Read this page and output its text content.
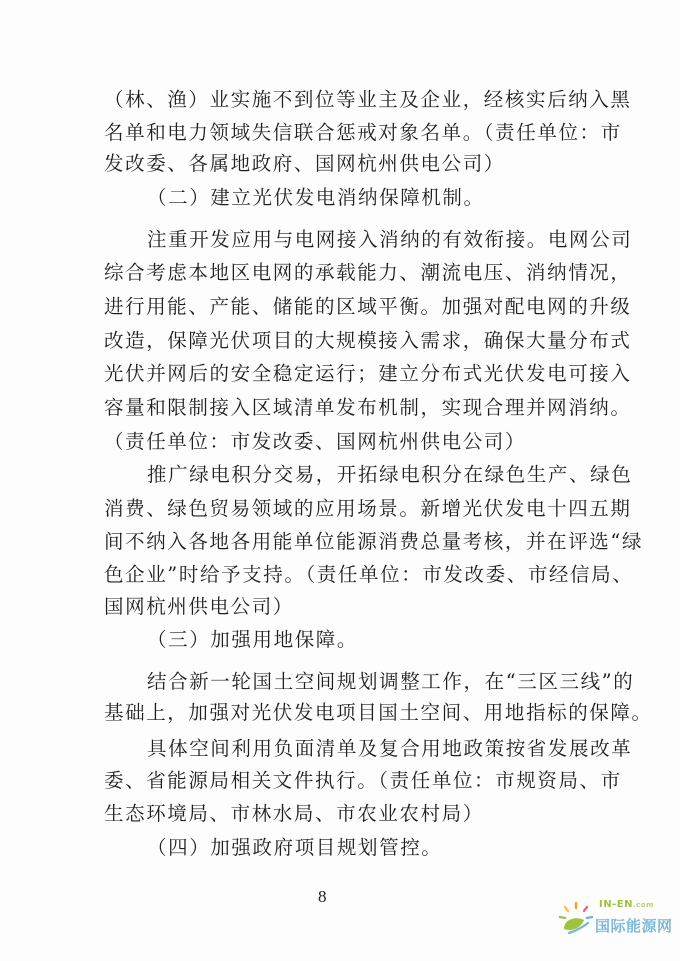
（林、渔）业实施不到位等业主及企业，经核实后纳入黑
名单和电力领域失信联合惩戒对象名单。（责任单位：市
发改委、各属地政府、国网杭州供电公司）
（二）建立光伏发电消纳保障机制。
注重开发应用与电网接入消纳的有效衔接。电网公司
综合考虑本地区电网的承载能力、潮流电压、消纳情况，
进行用能、产能、储能的区域平衡。加强对配电网的升级
改造，保障光伏项目的大规模接入需求，确保大量分布式
光伏并网后的安全稳定运行；建立分布式光伏发电可接入
容量和限制接入区域清单发布机制，实现合理并网消纳。
（责任单位：市发改委、国网杭州供电公司）
推广绿电积分交易，开拓绿电积分在绿色生产、绿色
消费、绿色贸易领域的应用场景。新增光伏发电十四五期
间不纳入各地各用能单位能源消费总量考核，并在评选“绿
色企业”时给予支持。（责任单位：市发改委、市经信局、
国网杭州供电公司）
（三）加强用地保障。
结合新一轮国土空间规划调整工作，在“三区三线”的
基础上，加强对光伏发电项目国土空间、用地指标的保障。
具体空间利用负面清单及复合用地政策按省发展改革
委、省能源局相关文件执行。（责任单位：市规资局、市
生态环境局、市林水局、市农业农村局）
（四）加强政府项目规划管控。
8	IN-EN.com
国际能源网
